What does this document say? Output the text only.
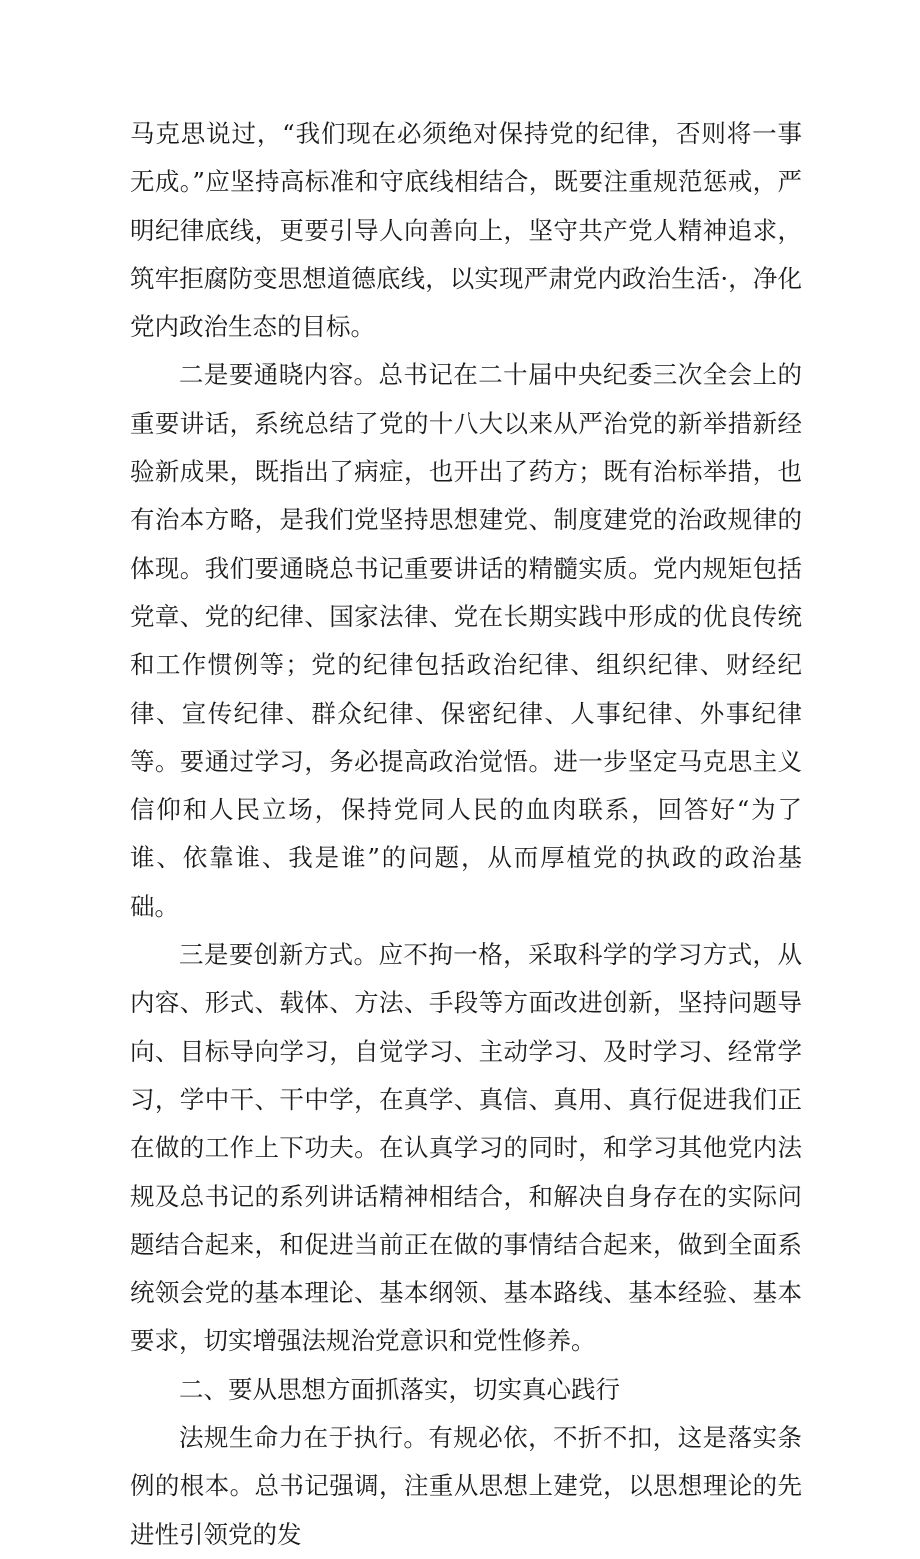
马克思说过，“我们现在必须绝对保持党的纪律，否则将一事无成。”应坚持高标准和守底线相结合，既要注重规范惩戒，严明纪律底线，更要引导人向善向上，坚守共产党人精神追求，筑牢拒腐防变思想道德底线，以实现严肃党内政治生活·，净化党内政治生态的目标。

二是要通晓内容。总书记在二十届中央纪委三次全会上的重要讲话，系统总结了党的十八大以来从严治党的新举措新经验新成果，既指出了病症，也开出了药方；既有治标举措，也有治本方略，是我们党坚持思想建党、制度建党的治政规律的体现。我们要通晓总书记重要讲话的精髓实质。党内规矩包括党章、党的纪律、国家法律、党在长期实践中形成的优良传统和工作惯例等；党的纪律包括政治纪律、组织纪律、财经纪律、宣传纪律、群众纪律、保密纪律、人事纪律、外事纪律等。要通过学习，务必提高政治觉悟。进一步坚定马克思主义信仰和人民立场，保持党同人民的血肉联系，回答好“为了谁、依靠谁、我是谁”的问题，从而厚植党的执政的政治基础。

三是要创新方式。应不拘一格，采取科学的学习方式，从内容、形式、载体、方法、手段等方面改进创新，坚持问题导向、目标导向学习，自觉学习、主动学习、及时学习、经常学习，学中干、干中学，在真学、真信、真用、真行促进我们正在做的工作上下功夫。在认真学习的同时，和学习其他党内法规及总书记的系列讲话精神相结合，和解决自身存在的实际问题结合起来，和促进当前正在做的事情结合起来，做到全面系统领会党的基本理论、基本纲领、基本路线、基本经验、基本要求，切实增强法规治党意识和党性修养。

二、要从思想方面抓落实，切实真心践行

法规生命力在于执行。有规必依，不折不扣，这是落实条例的根本。总书记强调，注重从思想上建党，以思想理论的先进性引领党的发
